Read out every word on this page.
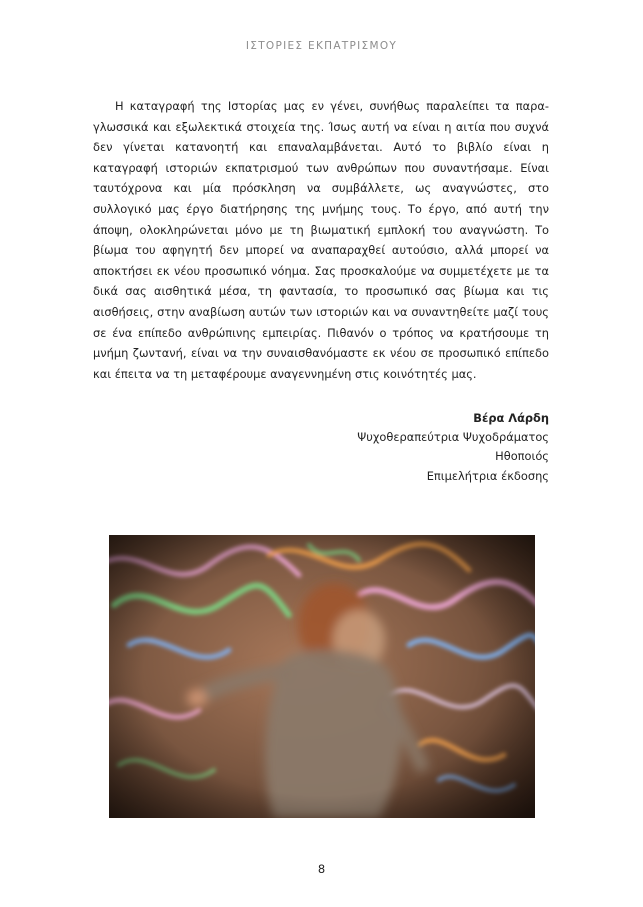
ΙΣΤΟΡΙΕΣ ΕΚΠΑΤΡΙΣΜΟΥ

Η καταγραφή της Ιστορίας μας εν γένει, συνήθως παραλείπει τα παρα-γλωσσικά και εξωλεκτικά στοιχεία της. Ίσως αυτή να είναι η αιτία που συχνά δεν γίνεται κατανοητή και επαναλαμβάνεται. Αυτό το βιβλίο είναι η καταγραφή ιστοριών εκπατρισμού των ανθρώπων που συναντήσαμε. Είναι ταυτόχρονα και μία πρόσκληση να συμβάλλετε, ως αναγνώστες, στο συλλογικό μας έργο διατήρησης της μνήμης τους. Το έργο, από αυτή την άποψη, ολοκληρώνεται μόνο με τη βιωματική εμπλοκή του αναγνώστη. Το βίωμα του αφηγητή δεν μπορεί να αναπαραχθεί αυτούσιο, αλλά μπορεί να αποκτήσει εκ νέου προσωπικό νόημα. Σας προσκαλούμε να συμμετέχετε με τα δικά σας αισθητικά μέσα, τη φαντασία, το προσωπικό σας βίωμα και τις αισθήσεις, στην αναβίωση αυτών των ιστοριών και να συναντηθείτε μαζί τους σε ένα επίπεδο ανθρώπινης εμπειρίας. Πιθανόν ο τρόπος να κρατήσουμε τη μνήμη ζωντανή, είναι να την συναισθανόμαστε εκ νέου σε προσωπικό επίπεδο και έπειτα να τη μεταφέρουμε αναγεννημένη στις κοινότητές μας.

Βέρα Λάρδη
Ψυχοθεραπεύτρια Ψυχοδράματος
Ηθοποιός
Επιμελήτρια έκδοσης
8
